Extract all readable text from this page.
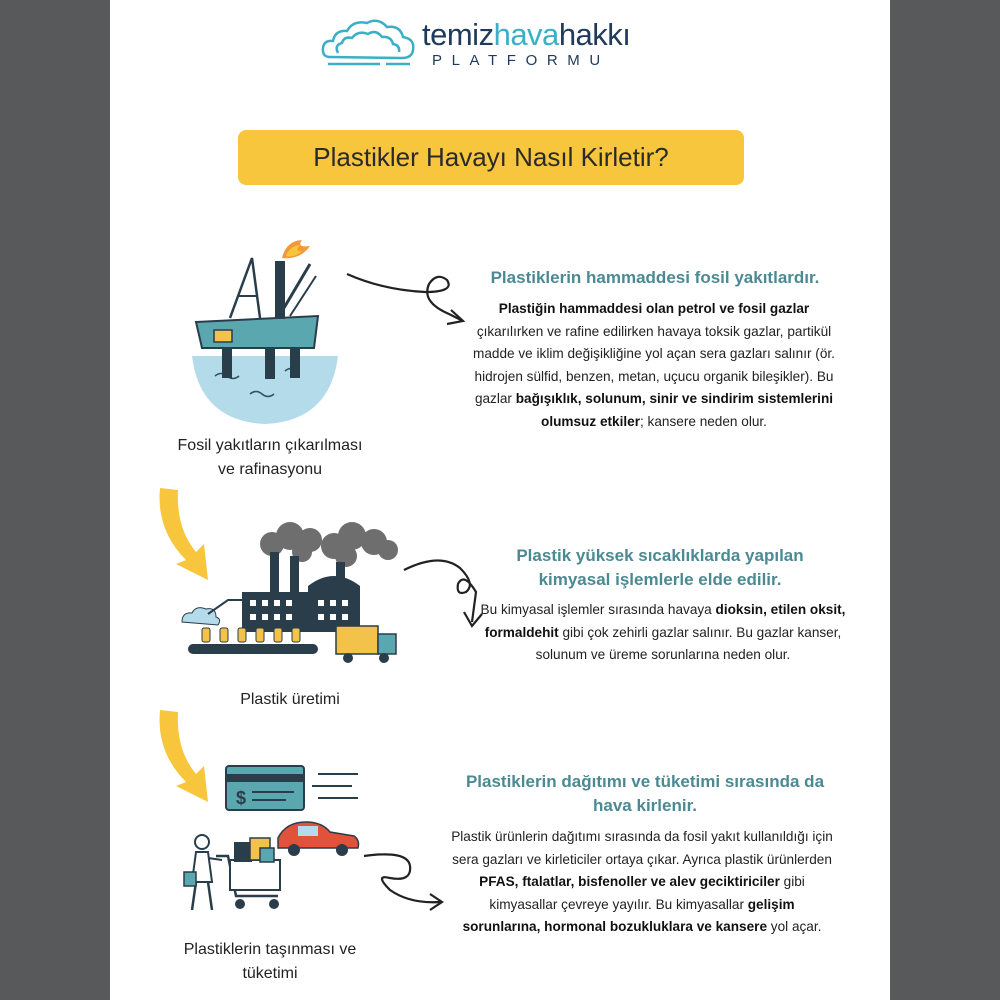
temizhavahakkı
PLATFORMU
Plastikler Havayı Nasıl Kirletir?
Fosil yakıtların çıkarılması
ve rafinasyonu
Plastiklerin hammaddesi fosil yakıtlardır.
Plastiğin hammaddesi olan petrol ve fosil gazlar çıkarılırken ve rafine edilirken havaya toksik gazlar, partikül madde ve iklim değişikliğine yol açan sera gazları salınır (ör. hidrojen sülfid, benzen, metan, uçucu organik bileşikler). Bu gazlar bağışıklık, solunum, sinir ve sindirim sistemlerini olumsuz etkiler; kansere neden olur.
Plastik üretimi
Plastik yüksek sıcaklıklarda yapılan
kimyasal işlemlerle elde edilir.
Bu kimyasal işlemler sırasında havaya dioksin, etilen oksit, formaldehit gibi çok zehirli gazlar salınır. Bu gazlar kanser, solunum ve üreme sorunlarına neden olur.
$
Plastiklerin taşınması ve
tüketimi
Plastiklerin dağıtımı ve tüketimi sırasında da
hava kirlenir.
Plastik ürünlerin dağıtımı sırasında da fosil yakıt kullanıldığı için sera gazları ve kirleticiler ortaya çıkar. Ayrıca plastik ürünlerden PFAS, ftalatlar, bisfenoller ve alev geciktiriciler gibi kimyasallar çevreye yayılır. Bu kimyasallar gelişim sorunlarına, hormonal bozukluklara ve kansere yol açar.
